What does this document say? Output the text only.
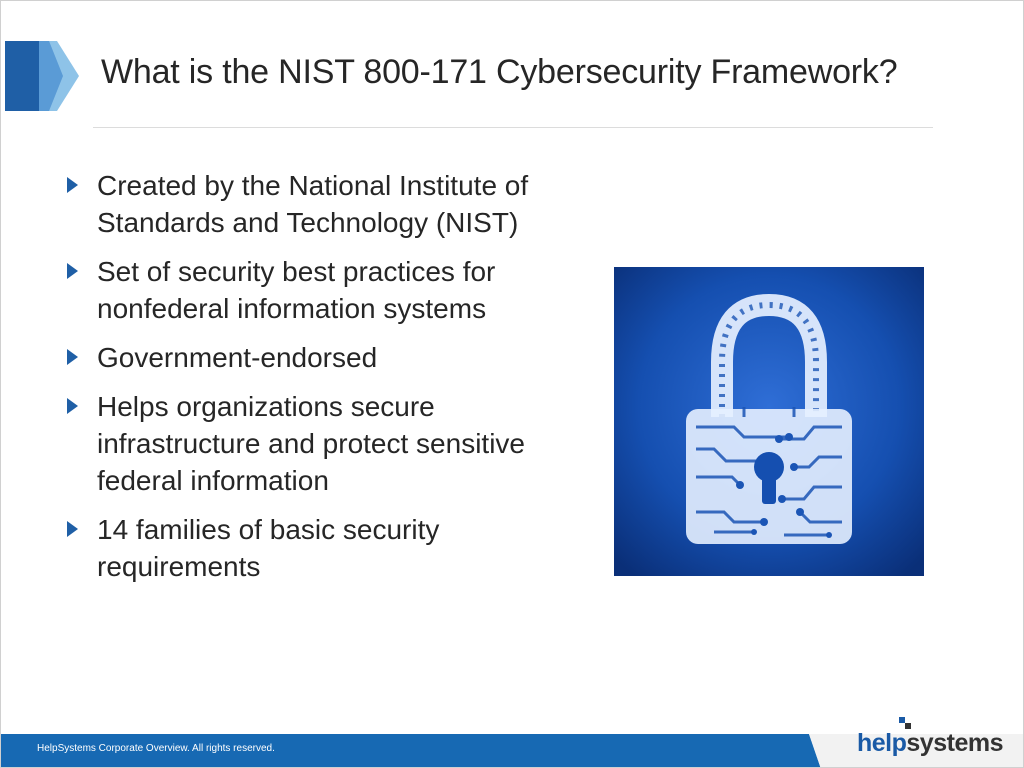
What is the NIST 800-171 Cybersecurity Framework?
Created by the National Institute of Standards and Technology (NIST)
Set of security best practices for nonfederal information systems
Government-endorsed
Helps organizations secure infrastructure and protect sensitive federal information
14 families of basic security requirements
HelpSystems Corporate Overview. All rights reserved.	helpsystems
